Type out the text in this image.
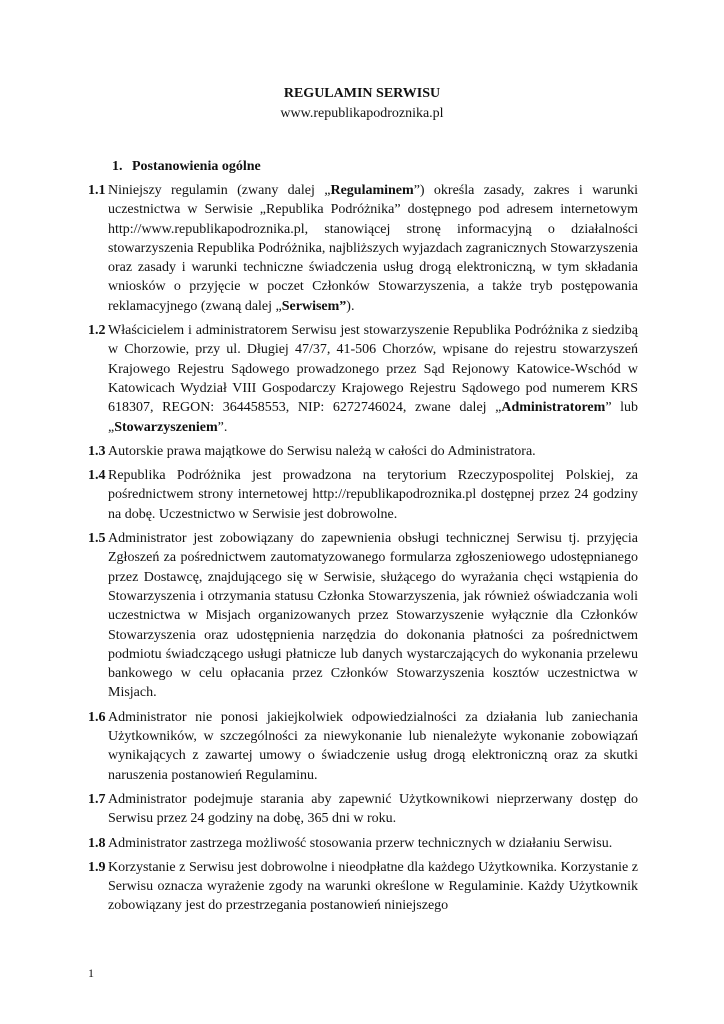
REGULAMIN SERWISU
www.republikapodroznika.pl
1. Postanowienia ogólne
1.1 Niniejszy regulamin (zwany dalej „Regulaminem”) określa zasady, zakres i warunki uczestnictwa w Serwisie „Republika Podróżnika” dostępnego pod adresem internetowym http://www.republikapodroznika.pl, stanowiącej stronę informacyjną o działalności stowarzyszenia Republika Podróżnika, najbliższych wyjazdach zagranicznych Stowarzyszenia oraz zasady i warunki techniczne świadczenia usług drogą elektroniczną, w tym składania wniosków o przyjęcie w poczet Członków Stowarzyszenia, a także tryb postępowania reklamacyjnego (zwaną dalej „Serwisem”).
1.2 Właścicielem i administratorem Serwisu jest stowarzyszenie Republika Podróżnika z siedzibą w Chorzowie, przy ul. Długiej 47/37, 41-506 Chorzów, wpisane do rejestru stowarzyszeń Krajowego Rejestru Sądowego prowadzonego przez Sąd Rejonowy Katowice-Wschód w Katowicach Wydział VIII Gospodarczy Krajowego Rejestru Sądowego pod numerem KRS 618307, REGON: 364458553, NIP: 6272746024, zwane dalej „Administratorem” lub „Stowarzyszeniem”.
1.3 Autorskie prawa majątkowe do Serwisu należą w całości do Administratora.
1.4 Republika Podróżnika jest prowadzona na terytorium Rzeczypospolitej Polskiej, za pośrednictwem strony internetowej http://republikapodroznika.pl dostępnej przez 24 godziny na dobę. Uczestnictwo w Serwisie jest dobrowolne.
1.5 Administrator jest zobowiązany do zapewnienia obsługi technicznej Serwisu tj. przyjęcia Zgłoszeń za pośrednictwem zautomatyzowanego formularza zgłoszeniowego udostępnianego przez Dostawcę, znajdującego się w Serwisie, służącego do wyrażania chęci wstąpienia do Stowarzyszenia i otrzymania statusu Członka Stowarzyszenia, jak również oświadczania woli uczestnictwa w Misjach organizowanych przez Stowarzyszenie wyłącznie dla Członków Stowarzyszenia oraz udostępnienia narzędzia do dokonania płatności za pośrednictwem podmiotu świadczącego usługi płatnicze lub danych wystarczających do wykonania przelewu bankowego w celu opłacania przez Członków Stowarzyszenia kosztów uczestnictwa w Misjach.
1.6 Administrator nie ponosi jakiejkolwiek odpowiedzialności za działania lub zaniechania Użytkowników, w szczególności za niewykonanie lub nienależyte wykonanie zobowiązań wynikających z zawartej umowy o świadczenie usług drogą elektroniczną oraz za skutki naruszenia postanowień Regulaminu.
1.7 Administrator podejmuje starania aby zapewnić Użytkownikowi nieprzerwany dostęp do Serwisu przez 24 godziny na dobę, 365 dni w roku.
1.8 Administrator zastrzega możliwość stosowania przerw technicznych w działaniu Serwisu.
1.9 Korzystanie z Serwisu jest dobrowolne i nieodpłatne dla każdego Użytkownika. Korzystanie z Serwisu oznacza wyrażenie zgody na warunki określone w Regulaminie. Każdy Użytkownik zobowiązany jest do przestrzegania postanowień niniejszego
1
